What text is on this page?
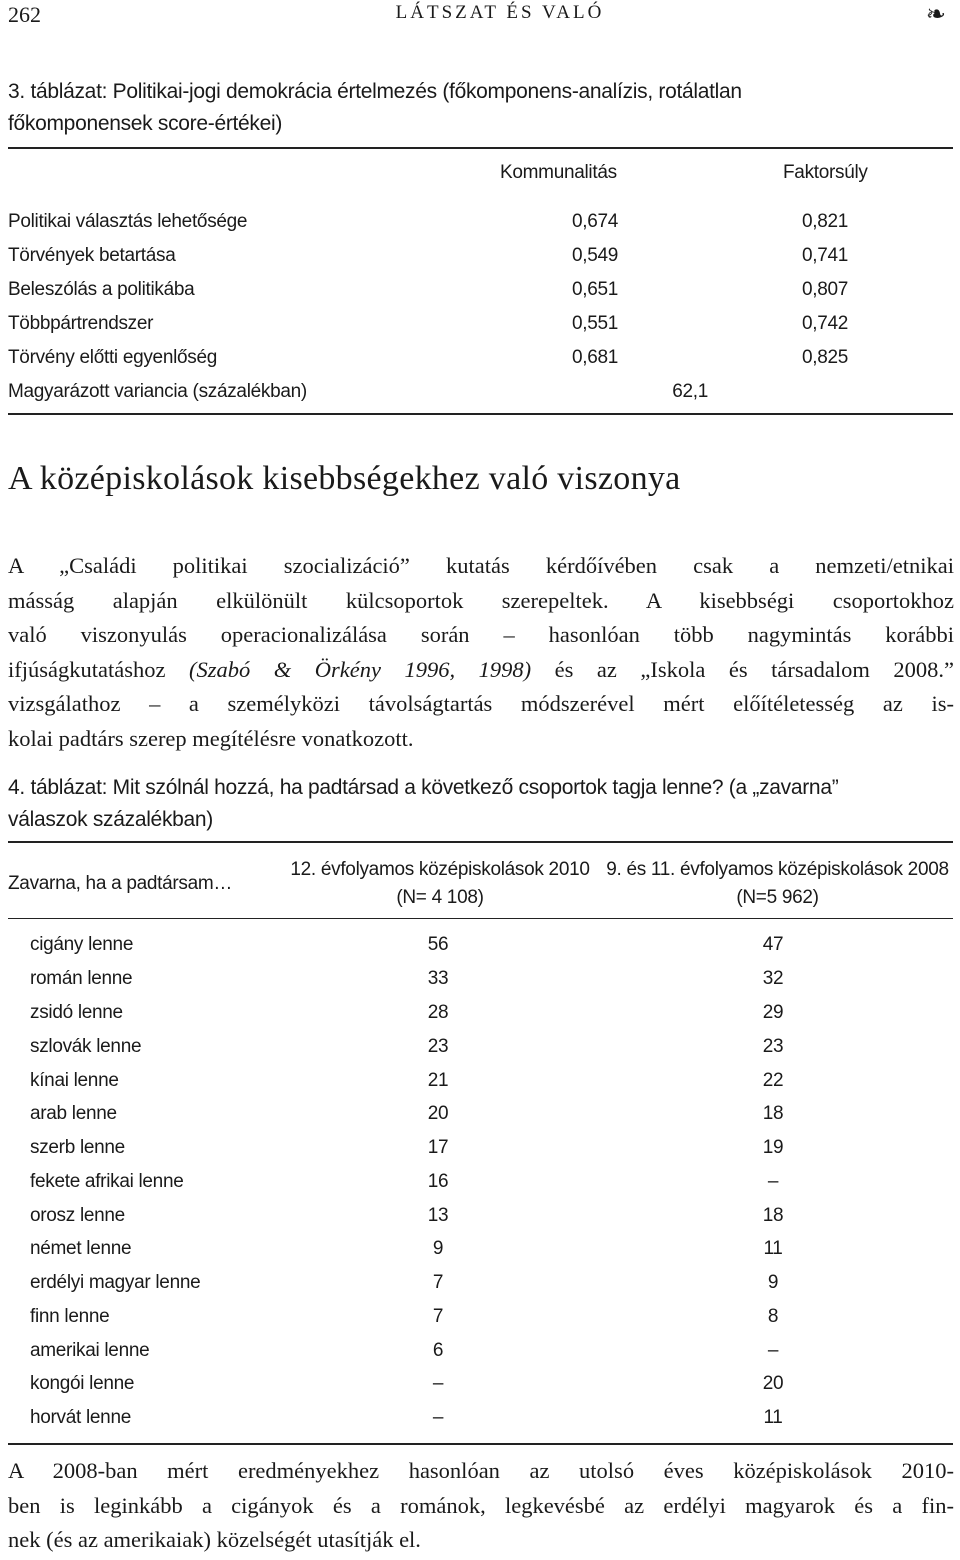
262	LÁTSZAT ÉS VALÓ	❧
3. táblázat: Politikai-jogi demokrácia értelmezés (főkomponens-analízis, rotálatlan
főkomponensek score-értékei)
Kommunalitás	Faktorsúly
Politikai választás lehetősége	0,674	0,821
Törvények betartása	0,549	0,741
Beleszólás a politikába	0,651	0,807
Többpártrendszer	0,551	0,742
Törvény előtti egyenlőség	0,681	0,825
Magyarázott variancia (százalékban)	62,1
A középiskolások kisebbségekhez való viszonya
A „Családi politikai szocializáció” kutatás kérdőívében csak a nemzeti/etnikai
másság alapján elkülönült külcsoportok szerepeltek. A kisebbségi csoportokhoz
való viszonyulás operacionalizálása során – hasonlóan több nagymintás korábbi
ifjúságkutatáshoz (Szabó & Örkény 1996, 1998) és az „Iskola és társadalom 2008.”
vizsgálathoz – a személyközi távolságtartás módszerével mért előítéletesség az is-
kolai padtárs szerep megítélésre vonatkozott.
4. táblázat: Mit szólnál hozzá, ha padtársad a következő csoportok tagja lenne? (a „zavarna”
válaszok százalékban)
Zavarna, ha a padtársam…
12. évfolyamos középiskolások 2010
(N= 4 108)
9. és 11. évfolyamos középiskolások 2008
(N=5 962)
cigány lenne	56	47
román lenne	33	32
zsidó lenne	28	29
szlovák lenne	23	23
kínai lenne	21	22
arab lenne	20	18
szerb lenne	17	19
fekete afrikai lenne	16	–
orosz lenne	13	18
német lenne	9	11
erdélyi magyar lenne	7	9
finn lenne	7	8
amerikai lenne	6	–
kongói lenne	–	20
horvát lenne	–	11
A 2008-ban mért eredményekhez hasonlóan az utolsó éves középiskolások 2010-
ben is leginkább a cigányok és a románok, legkevésbé az erdélyi magyarok és a fin-
nek (és az amerikaiak) közelségét utasítják el.
